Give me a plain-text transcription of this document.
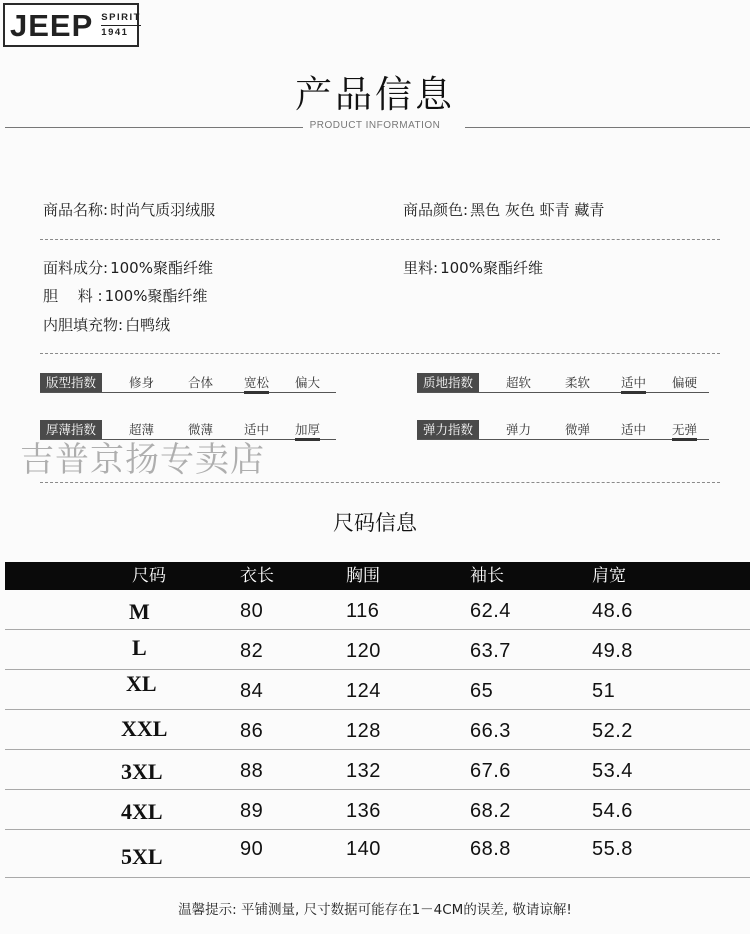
JEEP SPIRIT
1941
产品信息
PRODUCT INFORMATION
商品名称: 时尚气质羽绒服	商品颜色: 黑色 灰色 虾青 藏青
面料成分: 100%聚酯纤维	里料: 100%聚酯纤维
胆　 料 : 100%聚酯纤维
内胆填充物: 白鸭绒
版型指数	修身	合体 宽松 偏大	质地指数	超软	柔软 适中 偏硬
厚薄指数	超薄	微薄 适中 加厚	弹力指数	弹力	微弹 适中 无弹
吉普京扬专卖店
尺码信息
尺码	衣长	胸围	袖长	肩宽
M	80	116	62.4	48.6
L	82	120	63.7	49.8
XL	84	124	65	51
XXL	86	128	66.3	52.2
3XL	88	132	67.6	53.4
4XL	89	136	68.2	54.6
5XL	90	140	68.8	55.8
温馨提示: 平铺测量, 尺寸数据可能存在1－4CM的误差, 敬请谅解!
